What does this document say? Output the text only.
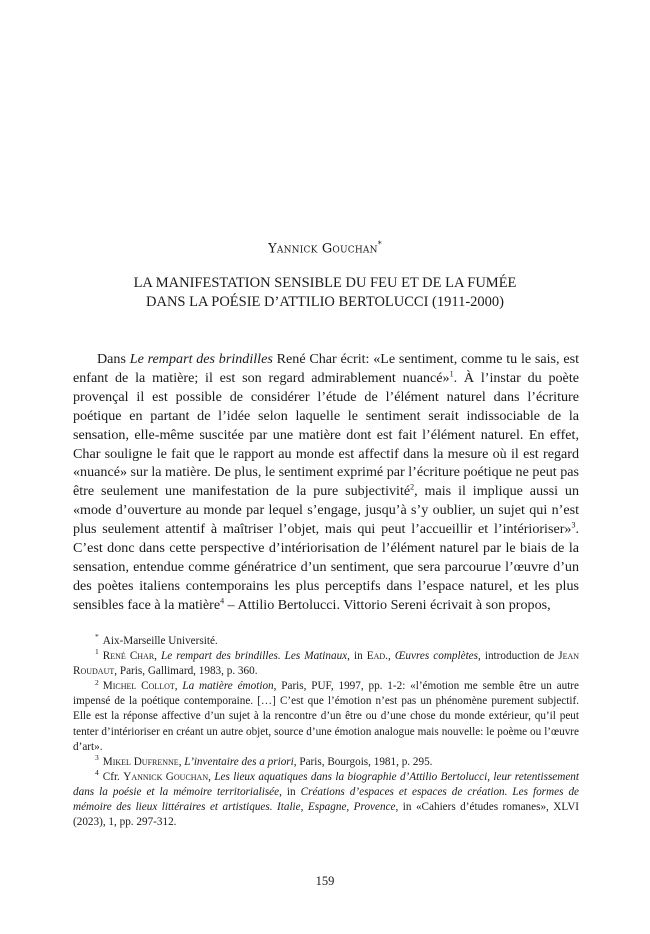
Yannick Gouchan*
LA MANIFESTATION SENSIBLE DU FEU ET DE LA FUMÉE
DANS LA POÉSIE D’ATTILIO BERTOLUCCI (1911-2000)

Dans Le rempart des brindilles René Char écrit: «Le sentiment, comme tu le sais, est enfant de la matière; il est son regard admirablement nuancé»$^1$. À l’instar du poète provençal il est possible de considérer l’étude de l’élément naturel dans l’écriture poétique en partant de l’idée selon laquelle le sentiment serait indissociable de la sensation, elle-même suscitée par une matière dont est fait l’élément naturel. En effet, Char souligne le fait que le rapport au monde est affectif dans la mesure où il est regard «nuancé» sur la matière. De plus, le sentiment exprimé par l’écriture poétique ne peut pas être seulement une manifestation de la pure subjectivité$^2$, mais il implique aussi un «mode d’ouverture au monde par lequel s’engage, jusqu’à s’y oublier, un sujet qui n’est plus seulement attentif à maîtriser l’objet, mais qui peut l’accueillir et l’intérioriser»$^3$. C’est donc dans cette perspective d’intériorisation de l’élément naturel par le biais de la sensation, entendue comme génératrice d’un sentiment, que sera parcourue l’œuvre d’un des poètes italiens contemporains les plus perceptifs dans l’espace naturel, et les plus sensibles face à la matière$^4$ – Attilio Bertolucci. Vittorio Sereni écrivait à son propos,

* Aix-Marseille Université.
$^1$ René Char, Le rempart des brindilles. Les Matinaux, in Ead., Œuvres complètes, introduction de Jean Roudaut, Paris, Gallimard, 1983, p. 360.
$^2$ Michel Collot, La matière émotion, Paris, PUF, 1997, pp. 1-2: «l’émotion me semble être un autre impensé de la poétique contemporaine. […] C’est que l’émotion n’est pas un phénomène purement subjectif. Elle est la réponse affective d’un sujet à la rencontre d’un être ou d’une chose du monde extérieur, qu’il peut tenter d’intérioriser en créant un autre objet, source d’une émotion analogue mais nouvelle: le poème ou l’œuvre d’art».
$^3$ Mikel Dufrenne, L’inventaire des a priori, Paris, Bourgois, 1981, p. 295.
$^4$ Cfr. Yannick Gouchan, Les lieux aquatiques dans la biographie d’Attilio Bertolucci, leur retentissement dans la poésie et la mémoire territorialisée, in Créations d’espaces et espaces de création. Les formes de mémoire des lieux littéraires et artistiques. Italie, Espagne, Provence, in «Cahiers d’études romanes», XLVI (2023), 1, pp. 297-312.
159
